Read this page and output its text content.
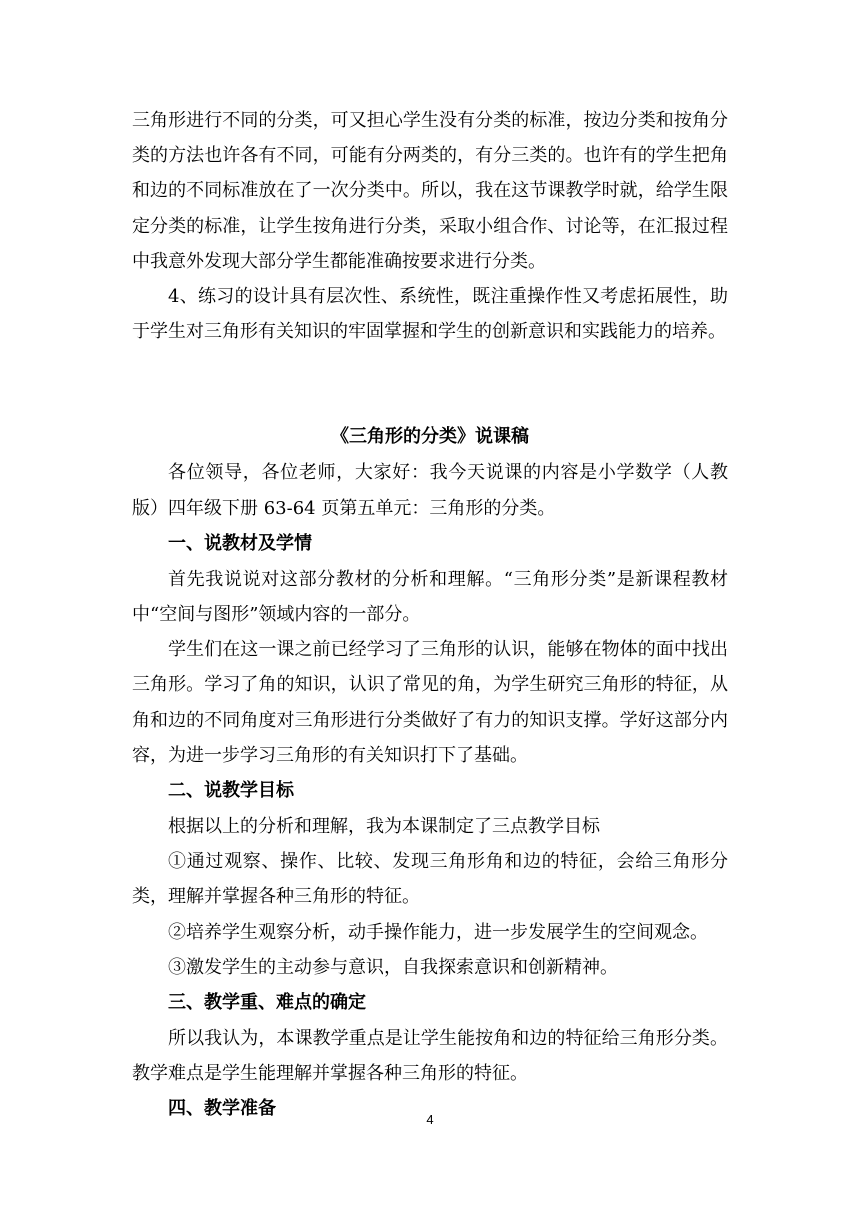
三角形进行不同的分类，可又担心学生没有分类的标准，按边分类和按角分类的方法也许各有不同，可能有分两类的，有分三类的。也许有的学生把角和边的不同标准放在了一次分类中。所以，我在这节课教学时就，给学生限定分类的标准，让学生按角进行分类，采取小组合作、讨论等，在汇报过程中我意外发现大部分学生都能准确按要求进行分类。

4、练习的设计具有层次性、系统性，既注重操作性又考虑拓展性，助于学生对三角形有关知识的牢固掌握和学生的创新意识和实践能力的培养。

《三角形的分类》说课稿

各位领导，各位老师，大家好：我今天说课的内容是小学数学（人教版）四年级下册 63-64 页第五单元：三角形的分类。

一、说教材及学情

首先我说说对这部分教材的分析和理解。“三角形分类”是新课程教材中“空间与图形”领域内容的一部分。

学生们在这一课之前已经学习了三角形的认识，能够在物体的面中找出三角形。学习了角的知识，认识了常见的角，为学生研究三角形的特征，从角和边的不同角度对三角形进行分类做好了有力的知识支撑。学好这部分内容，为进一步学习三角形的有关知识打下了基础。

二、说教学目标

根据以上的分析和理解，我为本课制定了三点教学目标

①通过观察、操作、比较、发现三角形角和边的特征，会给三角形分类，理解并掌握各种三角形的特征。

②培养学生观察分析，动手操作能力，进一步发展学生的空间观念。

③激发学生的主动参与意识，自我探索意识和创新精神。

三、教学重、难点的确定

所以我认为，本课教学重点是让学生能按角和边的特征给三角形分类。教学难点是学生能理解并掌握各种三角形的特征。

四、教学准备

4
